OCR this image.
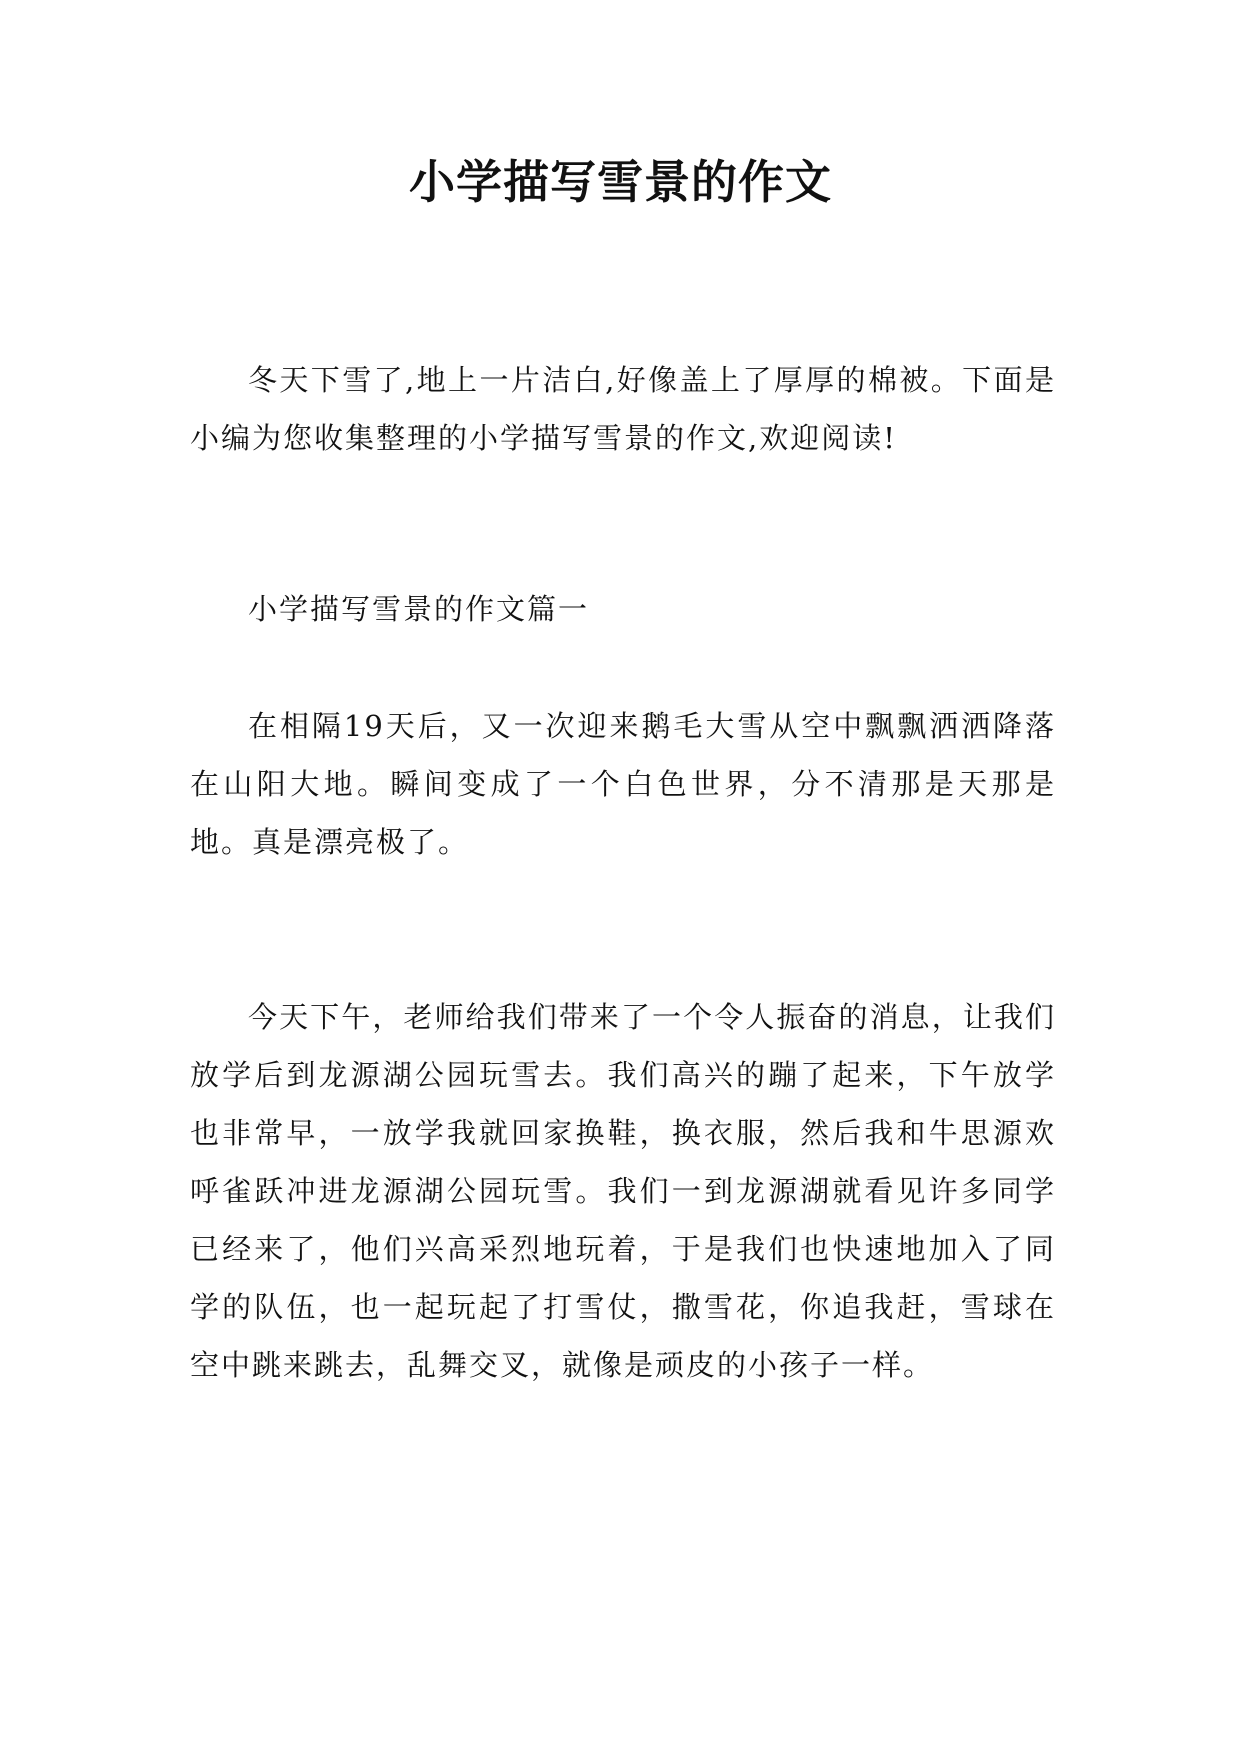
小学描写雪景的作文

冬天下雪了,地上一片洁白,好像盖上了厚厚的棉被。下面是小编为您收集整理的小学描写雪景的作文,欢迎阅读!

小学描写雪景的作文篇一

在相隔19天后，又一次迎来鹅毛大雪从空中飘飘洒洒降落在山阳大地。瞬间变成了一个白色世界，分不清那是天那是地。真是漂亮极了。

今天下午，老师给我们带来了一个令人振奋的消息，让我们放学后到龙源湖公园玩雪去。我们高兴的蹦了起来，下午放学也非常早，一放学我就回家换鞋，换衣服，然后我和牛思源欢呼雀跃冲进龙源湖公园玩雪。我们一到龙源湖就看见许多同学已经来了，他们兴高采烈地玩着，于是我们也快速地加入了同学的队伍，也一起玩起了打雪仗，撒雪花，你追我赶，雪球在空中跳来跳去，乱舞交叉，就像是顽皮的小孩子一样。
